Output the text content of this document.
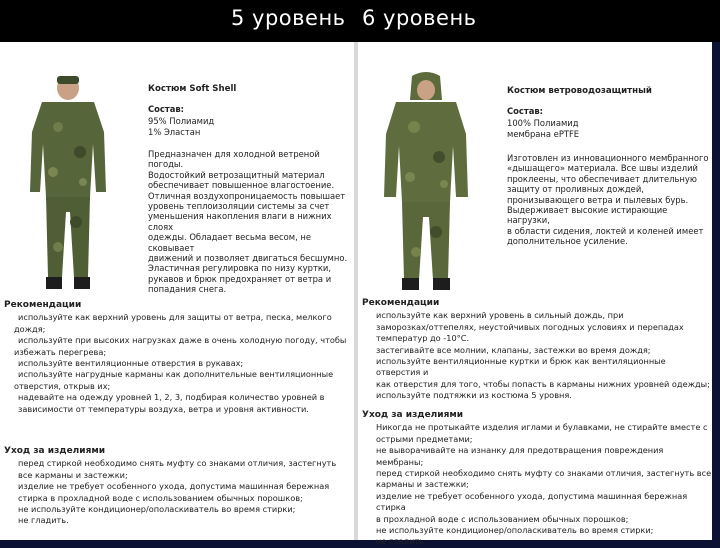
5 уровень 6 уровень
Костюм Soft Shell
Состав:
95% Полиамид
1% Эластан
Предназначен для холодной ветреной погоды.
Водостойкий ветрозащитный материал
обеспечивает повышенное влагостоение.
Отличная воздухопроницаемость повышает
уровень теплоизоляции системы за счет
уменьшения накопления влаги в нижних слоях
одежды. Обладает весьма весом, не сковывает
движений и позволяет двигаться бесшумно.
Эластичная регулировка по низу куртки,
рукавов и брюк предохраняет от ветра и
попадания снега.
Рекомендации
используйте как верхний уровень для защиты от ветра, песка, мелкого
дождя;
используйте при высоких нагрузках даже в очень холодную погоду, чтобы
избежать перегрева;
используйте вентиляционные отверстия в рукавах;
используйте нагрудные карманы как дополнительные вентиляционные
отверстия, открыв их;
надевайте на одежду уровней 1, 2, 3, подбирая количество уровней в
зависимости от температуры воздуха, ветра и уровня активности.
Уход за изделиями
перед стиркой необходимо снять муфту со знаками отличия, застегнуть
все карманы и застежки;
изделие не требует особенного ухода, допустима машинная бережная
стирка в прохладной воде с использованием обычных порошков;
не используйте кондиционер/ополаскиватель во время стирки;
не гладить.
Костюм ветроводозащитный
Состав:
100% Полиамид
мембрана ePTFE
Изготовлен из инновационного мембранного
«дышащего» материала. Все швы изделий
проклеены, что обеспечивает длительную
защиту от проливных дождей,
пронизывающего ветра и пылевых бурь.
Выдерживает высокие истирающие нагрузки,
в области сидения, локтей и коленей имеет
дополнительное усиление.
Рекомендации
используйте как верхний уровень в сильный дождь, при
заморозках/оттепелях, неустойчивых погодных условиях и перепадах
температур до -10°C.
застегивайте все молнии, клапаны, застежки во время дождя;
используйте вентиляционные куртки и брюк как вентиляционные отверстия и
как отверстия для того, чтобы попасть в карманы нижних уровней одежды;
используйте подтяжки из костюма 5 уровня.
Уход за изделиями
Никогда не протыкайте изделия иглами и булавками, не стирайте вместе с
острыми предметами;
не выворачивайте на изнанку для предотвращения повреждения мембраны;
перед стиркой необходимо снять муфту со знаками отличия, застегнуть все
карманы и застежки;
изделие не требует особенного ухода, допустима машинная бережная стирка
в прохладной воде с использованием обычных порошков;
не используйте кондиционер/ополаскиватель во время стирки;
не гладить.
